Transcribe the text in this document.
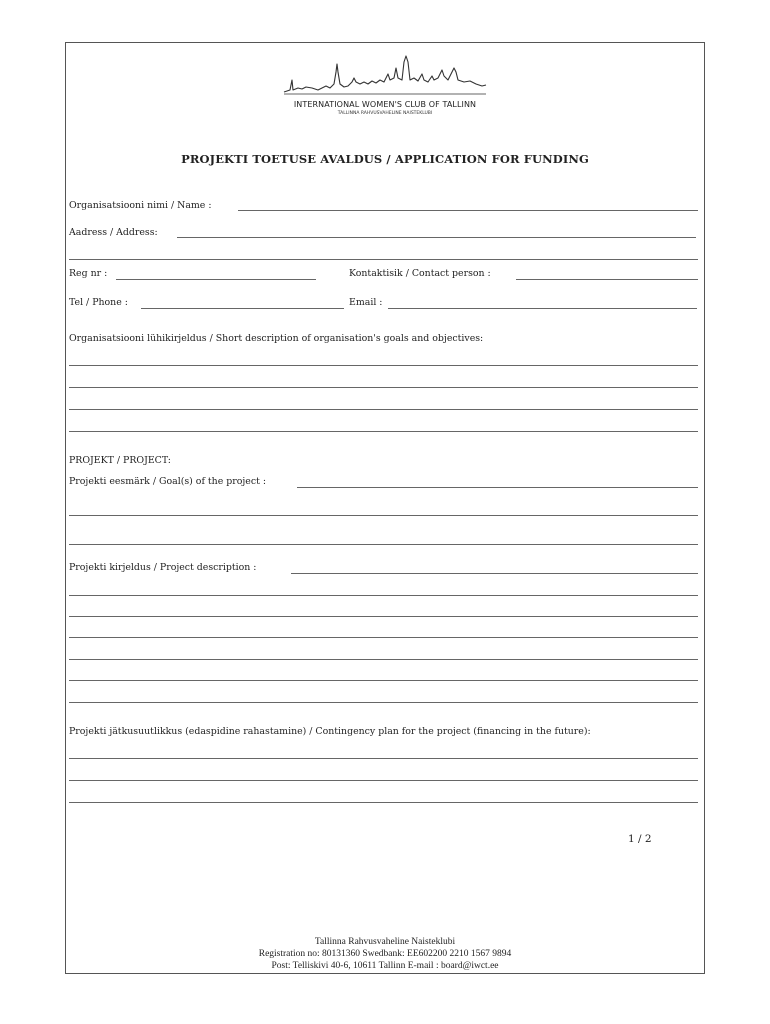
INTERNATIONAL WOMEN'S CLUB OF TALLINN
TALLINNA RAHVUSVAHELINE NAISTEKLUBI
PROJEKTI TOETUSE AVALDUS / APPLICATION FOR FUNDING
Organisatsiooni nimi / Name :
Aadress / Address:
Reg nr :	Kontaktisik / Contact person :
Tel / Phone :	Email :
Organisatsiooni lühikirjeldus / Short description of organisation's goals and objectives:
PROJEKT / PROJECT:
Projekti eesmärk / Goal(s) of the project :
Projekti kirjeldus / Project description :
Projekti jätkusuutlikkus (edaspidine rahastamine) / Contingency plan for the project (financing in the future):
1 / 2
Tallinna Rahvusvaheline Naisteklubi
Registration no: 80131360 Swedbank: EE602200 2210 1567 9894
Post: Telliskivi 40-6, 10611 Tallinn E-mail : board@iwct.ee
